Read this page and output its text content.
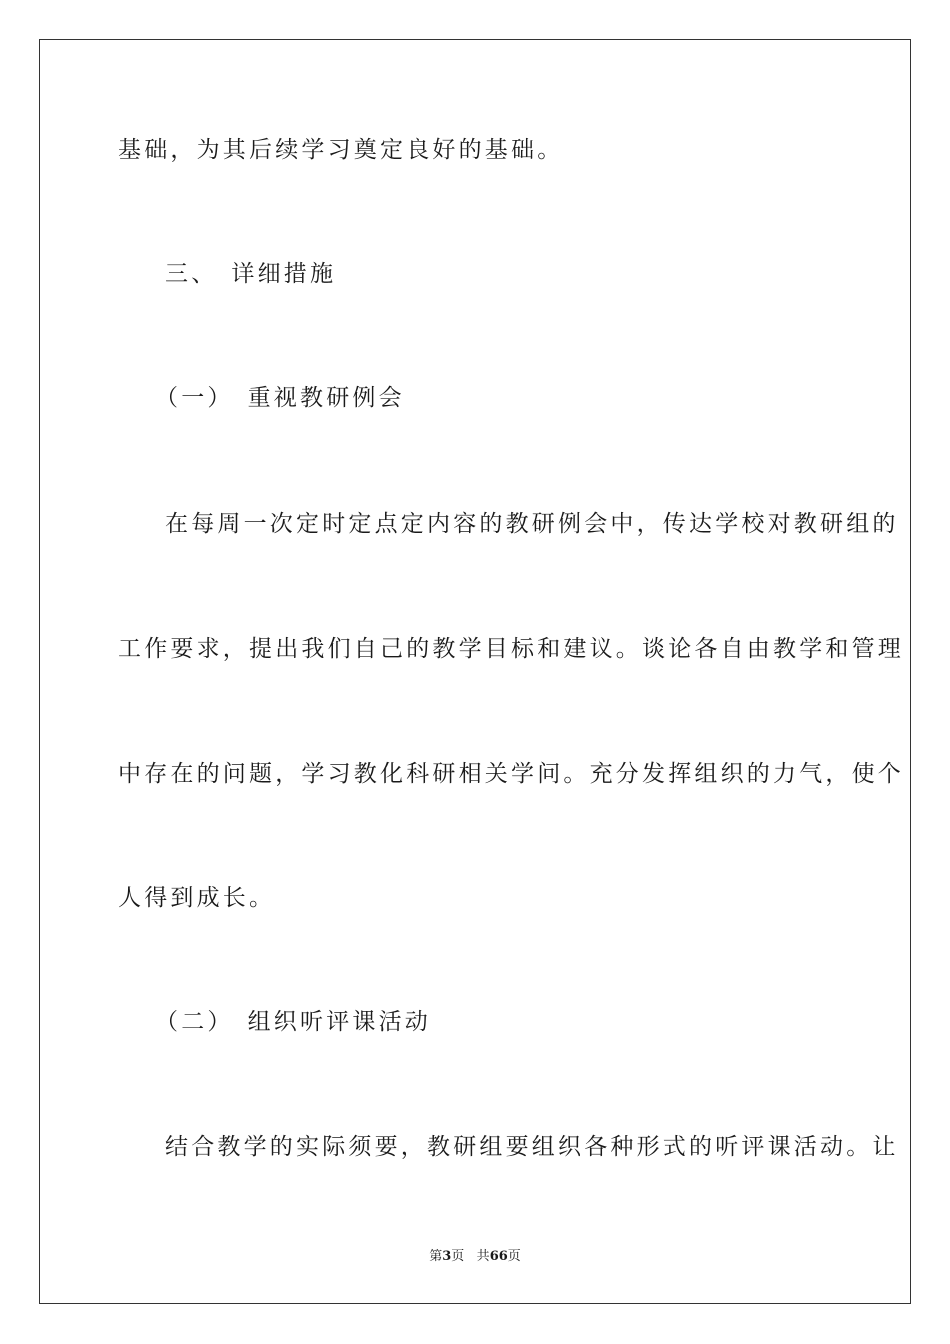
基础，为其后续学习奠定良好的基础。
三、 详细措施
（一） 重视教研例会
在每周一次定时定点定内容的教研例会中，传达学校对教研组的
工作要求，提出我们自己的教学目标和建议。谈论各自由教学和管理
中存在的问题，学习教化科研相关学问。充分发挥组织的力气，使个
人得到成长。
（二） 组织听评课活动
结合教学的实际须要，教研组要组织各种形式的听评课活动。让
第3页 共66页
